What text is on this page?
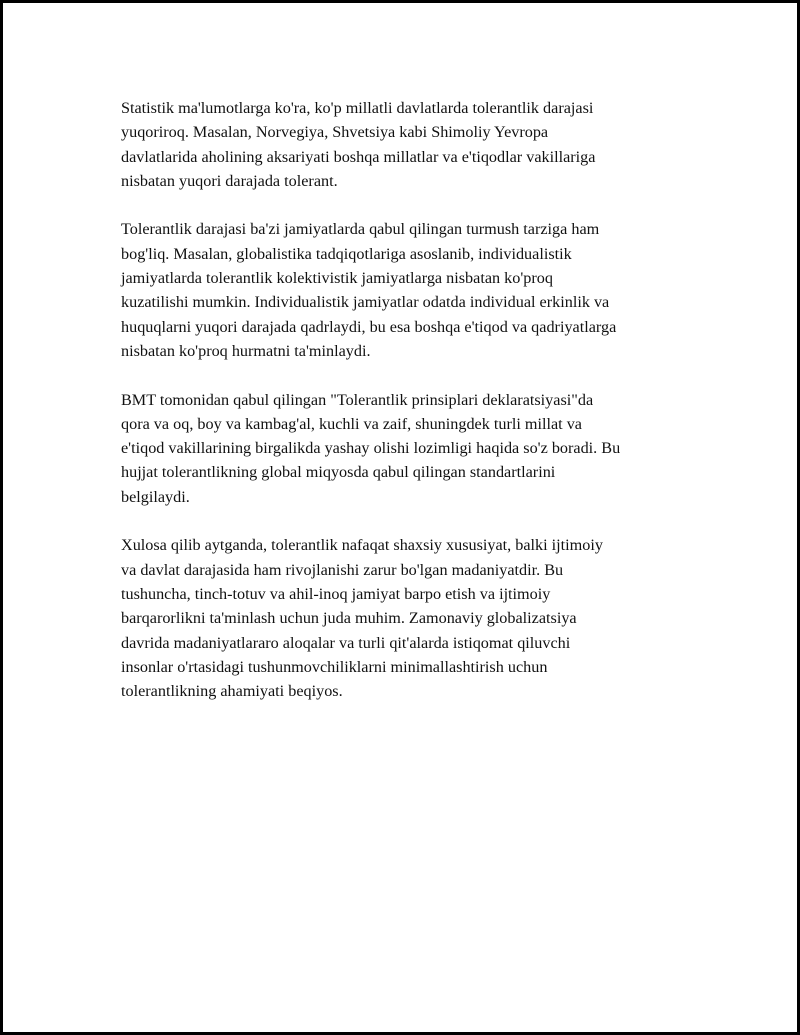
Statistik ma'lumotlarga ko'ra, ko'p millatli davlatlarda tolerantlik darajasi
yuqoriroq. Masalan, Norvegiya, Shvetsiya kabi Shimoliy Yevropa
davlatlarida aholining aksariyati boshqa millatlar va e'tiqodlar vakillariga
nisbatan yuqori darajada tolerant.

Tolerantlik darajasi ba'zi jamiyatlarda qabul qilingan turmush tarziga ham
bog'liq. Masalan, globalistika tadqiqotlariga asoslanib, individualistik
jamiyatlarda tolerantlik kolektivistik jamiyatlarga nisbatan ko'proq
kuzatilishi mumkin. Individualistik jamiyatlar odatda individual erkinlik va
huquqlarni yuqori darajada qadrlaydi, bu esa boshqa e'tiqod va qadriyatlarga
nisbatan ko'proq hurmatni ta'minlaydi.

BMT tomonidan qabul qilingan "Tolerantlik prinsiplari deklaratsiyasi"da
qora va oq, boy va kambag'al, kuchli va zaif, shuningdek turli millat va
e'tiqod vakillarining birgalikda yashay olishi lozimligi haqida so'z boradi. Bu
hujjat tolerantlikning global miqyosda qabul qilingan standartlarini
belgilaydi.

Xulosa qilib aytganda, tolerantlik nafaqat shaxsiy xususiyat, balki ijtimoiy
va davlat darajasida ham rivojlanishi zarur bo'lgan madaniyatdir. Bu
tushuncha, tinch-totuv va ahil-inoq jamiyat barpo etish va ijtimoiy
barqarorlikni ta'minlash uchun juda muhim. Zamonaviy globalizatsiya
davrida madaniyatlararo aloqalar va turli qit'alarda istiqomat qiluvchi
insonlar o'rtasidagi tushunmovchiliklarni minimallashtirish uchun
tolerantlikning ahamiyati beqiyos.
